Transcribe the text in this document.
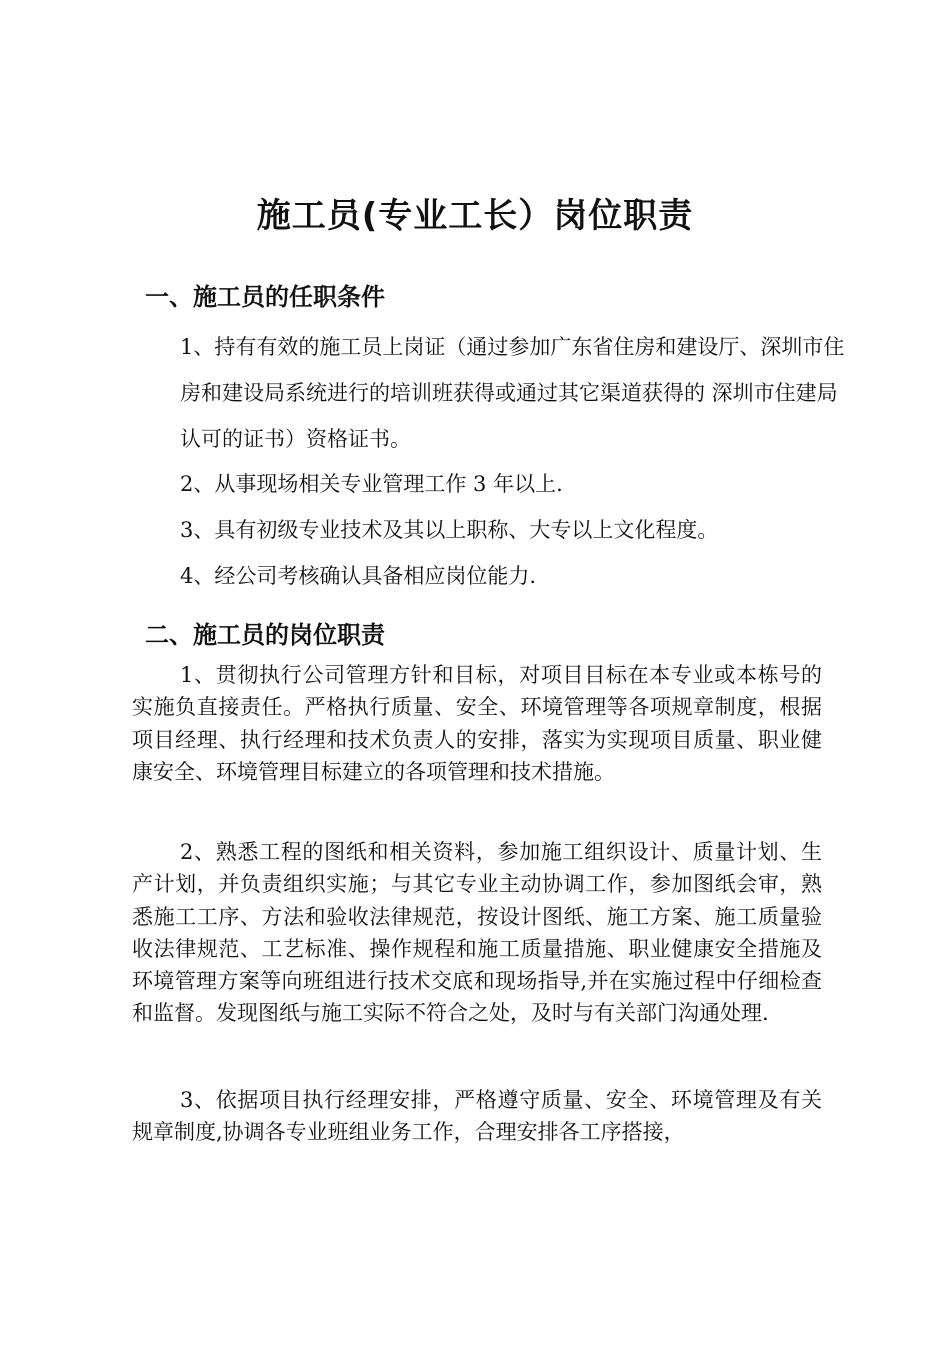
施工员(专业工长）岗位职责
一、施工员的任职条件

1、持有有效的施工员上岗证（通过参加广东省住房和建设厅、深圳市住房和建设局系统进行的培训班获得或通过其它渠道获得的 深圳市住建局认可的证书）资格证书。

2、从事现场相关专业管理工作 3 年以上.

3、具有初级专业技术及其以上职称、大专以上文化程度。

4、经公司考核确认具备相应岗位能力.

二、施工员的岗位职责

1、贯彻执行公司管理方针和目标，对项目目标在本专业或本栋号的实施负直接责任。严格执行质量、安全、环境管理等各项规章制度，根据项目经理、执行经理和技术负责人的安排，落实为实现项目质量、职业健康安全、环境管理目标建立的各项管理和技术措施。

2、熟悉工程的图纸和相关资料，参加施工组织设计、质量计划、生产计划，并负责组织实施；与其它专业主动协调工作，参加图纸会审，熟悉施工工序、方法和验收法律规范，按设计图纸、施工方案、施工质量验收法律规范、工艺标准、操作规程和施工质量措施、职业健康安全措施及环境管理方案等向班组进行技术交底和现场指导,并在实施过程中仔细检查和监督。发现图纸与施工实际不符合之处，及时与有关部门沟通处理.

3、依据项目执行经理安排，严格遵守质量、安全、环境管理及有关规章制度,协调各专业班组业务工作，合理安排各工序搭接，
